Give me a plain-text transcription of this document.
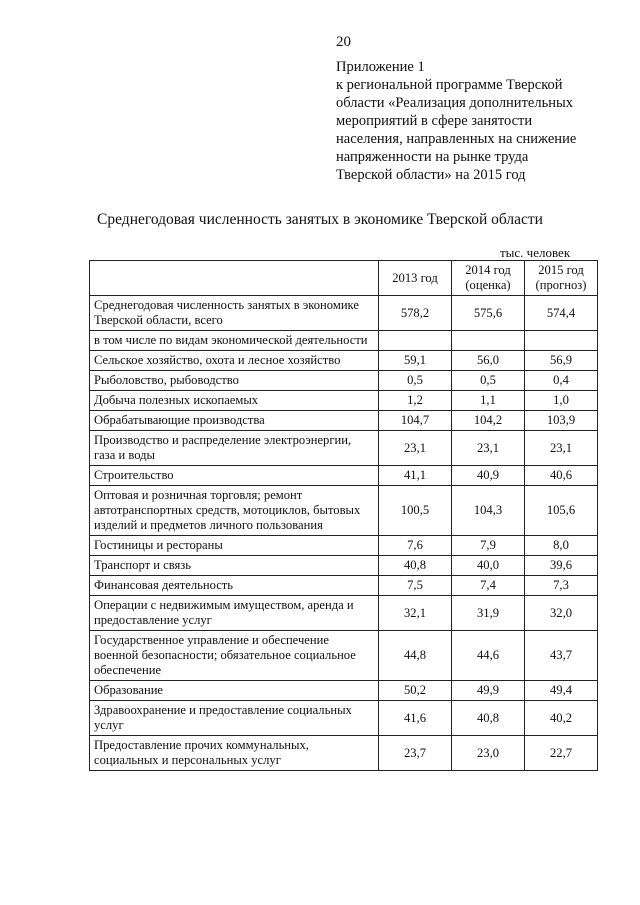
20
Приложение 1
к региональной программе Тверской
области «Реализация дополнительных
мероприятий в сфере занятости
населения, направленных на снижение
напряженности на рынке труда
Тверской области» на 2015 год
Среднегодовая численность занятых в экономике Тверской области
тыс. человек
	2013 год	2014 год (оценка)	2015 год (прогноз)
Среднегодовая численность занятых в экономике Тверской области, всего	578,2	575,6	574,4
в том числе по видам экономической деятельности			
Сельское хозяйство, охота и лесное хозяйство	59,1	56,0	56,9
Рыболовство, рыбоводство	0,5	0,5	0,4
Добыча полезных ископаемых	1,2	1,1	1,0
Обрабатывающие производства	104,7	104,2	103,9
Производство и распределение электроэнергии, газа и воды	23,1	23,1	23,1
Строительство	41,1	40,9	40,6
Оптовая и розничная торговля; ремонт автотранспортных средств, мотоциклов, бытовых изделий и предметов личного пользования	100,5	104,3	105,6
Гостиницы и рестораны	7,6	7,9	8,0
Транспорт и связь	40,8	40,0	39,6
Финансовая деятельность	7,5	7,4	7,3
Операции с недвижимым имуществом, аренда и предоставление услуг	32,1	31,9	32,0
Государственное управление и обеспечение военной безопасности; обязательное социальное обеспечение	44,8	44,6	43,7
Образование	50,2	49,9	49,4
Здравоохранение и предоставление социальных услуг	41,6	40,8	40,2
Предоставление прочих коммунальных, социальных и персональных услуг	23,7	23,0	22,7
